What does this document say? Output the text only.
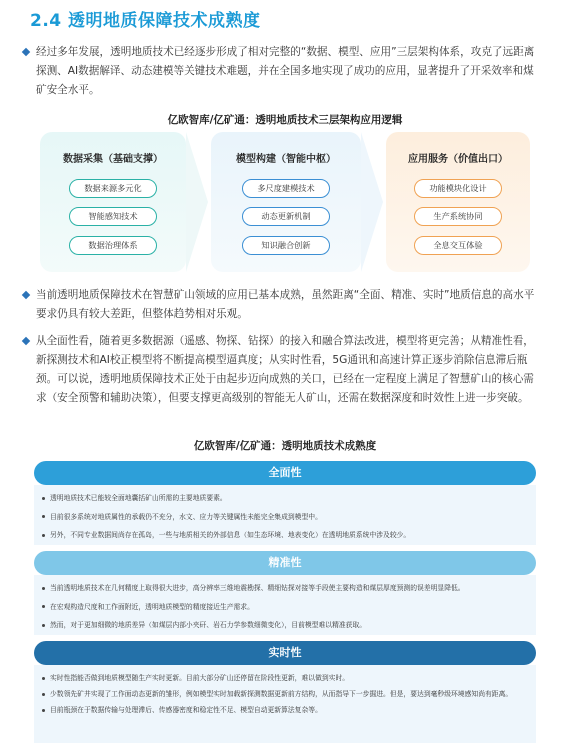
2.4 透明地质保障技术成熟度
经过多年发展，透明地质技术已经逐步形成了相对完整的“数据、模型、应用”三层架构体系，攻克了远距离探测、AI数据解译、动态建模等关键技术难题，并在全国多地实现了成功的应用，显著提升了开采效率和煤矿安全水平。
亿欧智库/亿矿通：透明地质技术三层架构应用逻辑
数据采集（基础支撑）
数据来源多元化
智能感知技术
数据治理体系
模型构建（智能中枢）
多尺度建模技术
动态更新机制
知识融合创新
应用服务（价值出口）
功能模块化设计
生产系统协同
全息交互体验
当前透明地质保障技术在智慧矿山领域的应用已基本成熟，虽然距离“全面、精准、实时”地质信息的高水平要求仍具有较大差距，但整体趋势相对乐观。
从全面性看，随着更多数据源（遥感、物探、钻探）的接入和融合算法改进，模型将更完善；从精准性看，新探测技术和AI校正模型将不断提高模型逼真度；从实时性看，5G通讯和高速计算正逐步消除信息滞后瓶颈。可以说，透明地质保障技术正处于由起步迈向成熟的关口，已经在一定程度上满足了智慧矿山的核心需求（安全预警和辅助决策），但要支撑更高级别的智能无人矿山，还需在数据深度和时效性上进一步突破。
亿欧智库/亿矿通：透明地质技术成熟度
全面性
透明地质技术已能较全面地囊括矿山所需的主要地质要素。
目前很多系统对地质属性的承载仍不充分，水文、应力等关键属性未能完全集成到模型中。
另外，不同专业数据间尚存在孤岛，一些与地质相关的外部信息（如生态环境、地表变化）在透明地质系统中涉及较少。
精准性
当前透明地质技术在几何精度上取得很大进步，高分辨率三维地震勘探、精细钻探对接等手段使主要构造和煤层厚度预测的误差明显降低。
在宏观构造尺度和工作面附近，透明地质模型的精度接近生产需求。
然而，对于更加细微的地质差异（如煤层内部小夹矸、岩石力学参数细微变化），目前模型难以精准获取。
实时性
实时性指能否做到地质模型随生产实时更新。目前大部分矿山还停留在阶段性更新，难以做到实时。
少数领先矿井实现了工作面动态更新的雏形，例如模型实时加载新探测数据更新前方结构，从而指导下一步掘进。但是，要达到毫秒级环境感知尚有距离。
目前瓶颈在于数据传输与处理滞后、传感器密度和稳定性不足、模型自动更新算法复杂等。
